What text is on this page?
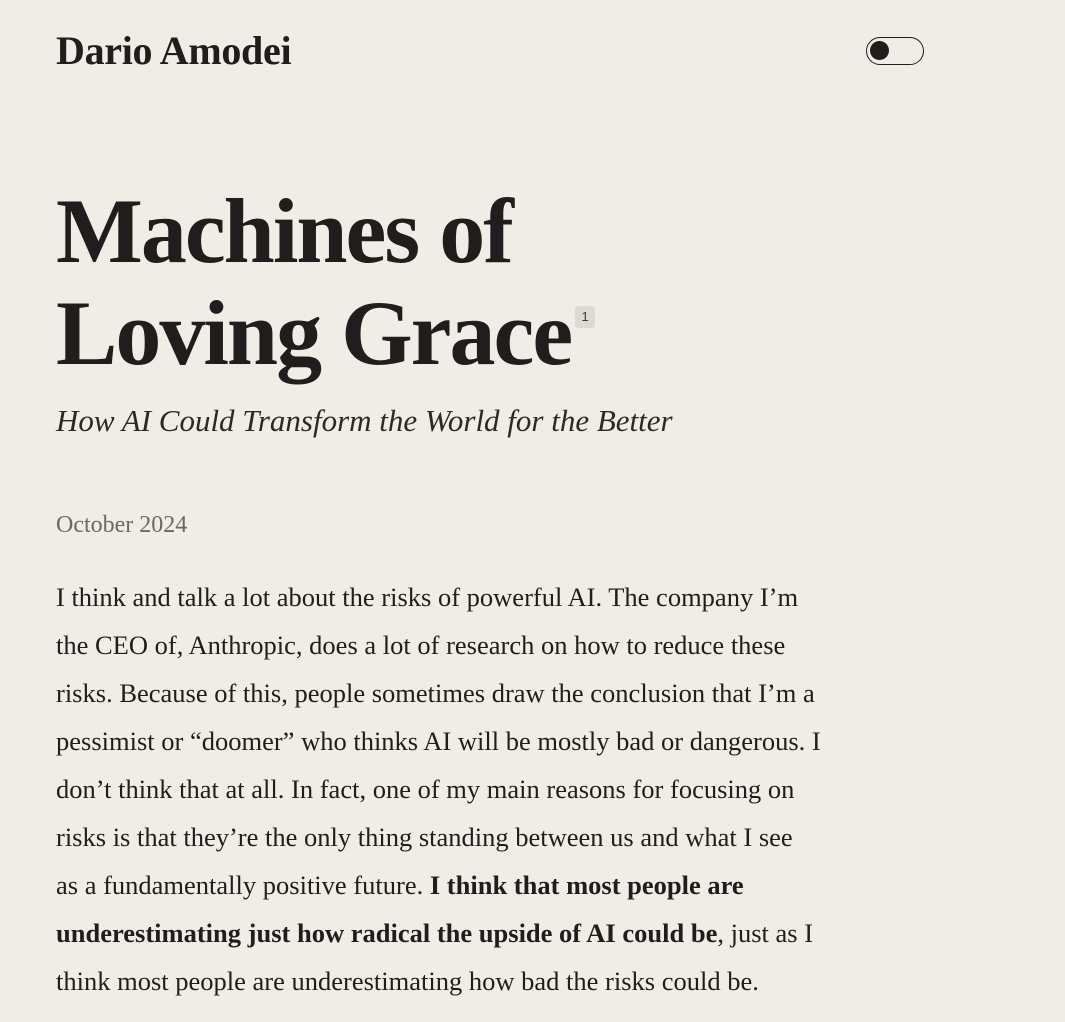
Dario Amodei
Machines of
Loving Grace 1

How AI Could Transform the World for the Better

October 2024

I think and talk a lot about the risks of powerful AI. The company I’m
the CEO of, Anthropic, does a lot of research on how to reduce these
risks. Because of this, people sometimes draw the conclusion that I’m a
pessimist or “doomer” who thinks AI will be mostly bad or dangerous. I
don’t think that at all. In fact, one of my main reasons for focusing on
risks is that they’re the only thing standing between us and what I see
as a fundamentally positive future. I think that most people are
underestimating just how radical the upside of AI could be, just as I
think most people are underestimating how bad the risks could be.
